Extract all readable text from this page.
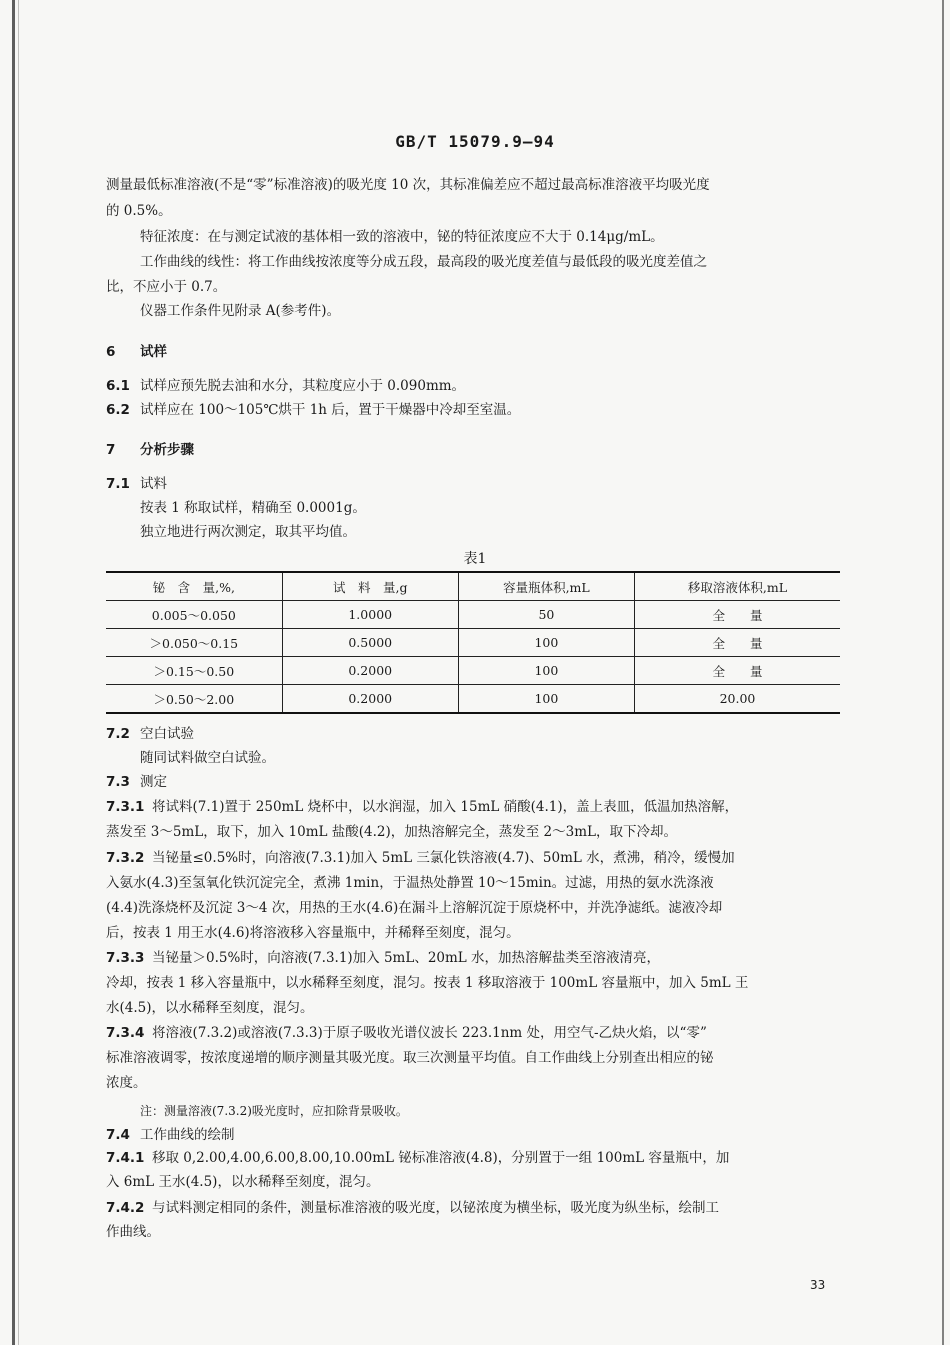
GB/T 15079.9—94
测量最低标准溶液(不是“零”标准溶液)的吸光度 10 次，其标准偏差应不超过最高标准溶液平均吸光度
的 0.5%。
特征浓度：在与测定试液的基体相一致的溶液中，铋的特征浓度应不大于 0.14μg/mL。
工作曲线的线性：将工作曲线按浓度等分成五段，最高段的吸光度差值与最低段的吸光度差值之
比，不应小于 0.7。
仪器工作条件见附录 A(参考件)。
6 试样
6.1 试样应预先脱去油和水分，其粒度应小于 0.090mm。
6.2 试样应在 100～105℃烘干 1h 后，置于干燥器中冷却至室温。
7 分析步骤
7.1 试料
按表 1 称取试样，精确至 0.0001g。
独立地进行两次测定，取其平均值。
表1
铋　含　量,%,	试　料　量,g	容量瓶体积,mL	移取溶液体积,mL
0.005～0.050	1.0000	50	全　　量
＞0.050～0.15	0.5000	100	全　　量
＞0.15～0.50	0.2000	100	全　　量
＞0.50～2.00	0.2000	100	20.00
7.2 空白试验
随同试料做空白试验。
7.3 测定
7.3.1 将试料(7.1)置于 250mL 烧杯中，以水润湿，加入 15mL 硝酸(4.1)，盖上表皿，低温加热溶解，
蒸发至 3～5mL，取下，加入 10mL 盐酸(4.2)，加热溶解完全，蒸发至 2～3mL，取下冷却。
7.3.2 当铋量≤0.5%时，向溶液(7.3.1)加入 5mL 三氯化铁溶液(4.7)、50mL 水，煮沸，稍冷，缓慢加
入氨水(4.3)至氢氧化铁沉淀完全，煮沸 1min，于温热处静置 10～15min。过滤，用热的氨水洗涤液
(4.4)洗涤烧杯及沉淀 3～4 次，用热的王水(4.6)在漏斗上溶解沉淀于原烧杯中，并洗净滤纸。滤液冷却
后，按表 1 用王水(4.6)将溶液移入容量瓶中，并稀释至刻度，混匀。
7.3.3 当铋量＞0.5%时，向溶液(7.3.1)加入 5mL、20mL 水，加热溶解盐类至溶液清亮，
冷却，按表 1 移入容量瓶中，以水稀释至刻度，混匀。按表 1 移取溶液于 100mL 容量瓶中，加入 5mL 王
水(4.5)，以水稀释至刻度，混匀。
7.3.4 将溶液(7.3.2)或溶液(7.3.3)于原子吸收光谱仪波长 223.1nm 处，用空气-乙炔火焰，以“零”
标准溶液调零，按浓度递增的顺序测量其吸光度。取三次测量平均值。自工作曲线上分别查出相应的铋
浓度。
注：测量溶液(7.3.2)吸光度时，应扣除背景吸收。
7.4 工作曲线的绘制
7.4.1 移取 0,2.00,4.00,6.00,8.00,10.00mL 铋标准溶液(4.8)，分别置于一组 100mL 容量瓶中，加
入 6mL 王水(4.5)，以水稀释至刻度，混匀。
7.4.2 与试料测定相同的条件，测量标准溶液的吸光度，以铋浓度为横坐标，吸光度为纵坐标，绘制工
作曲线。
33
